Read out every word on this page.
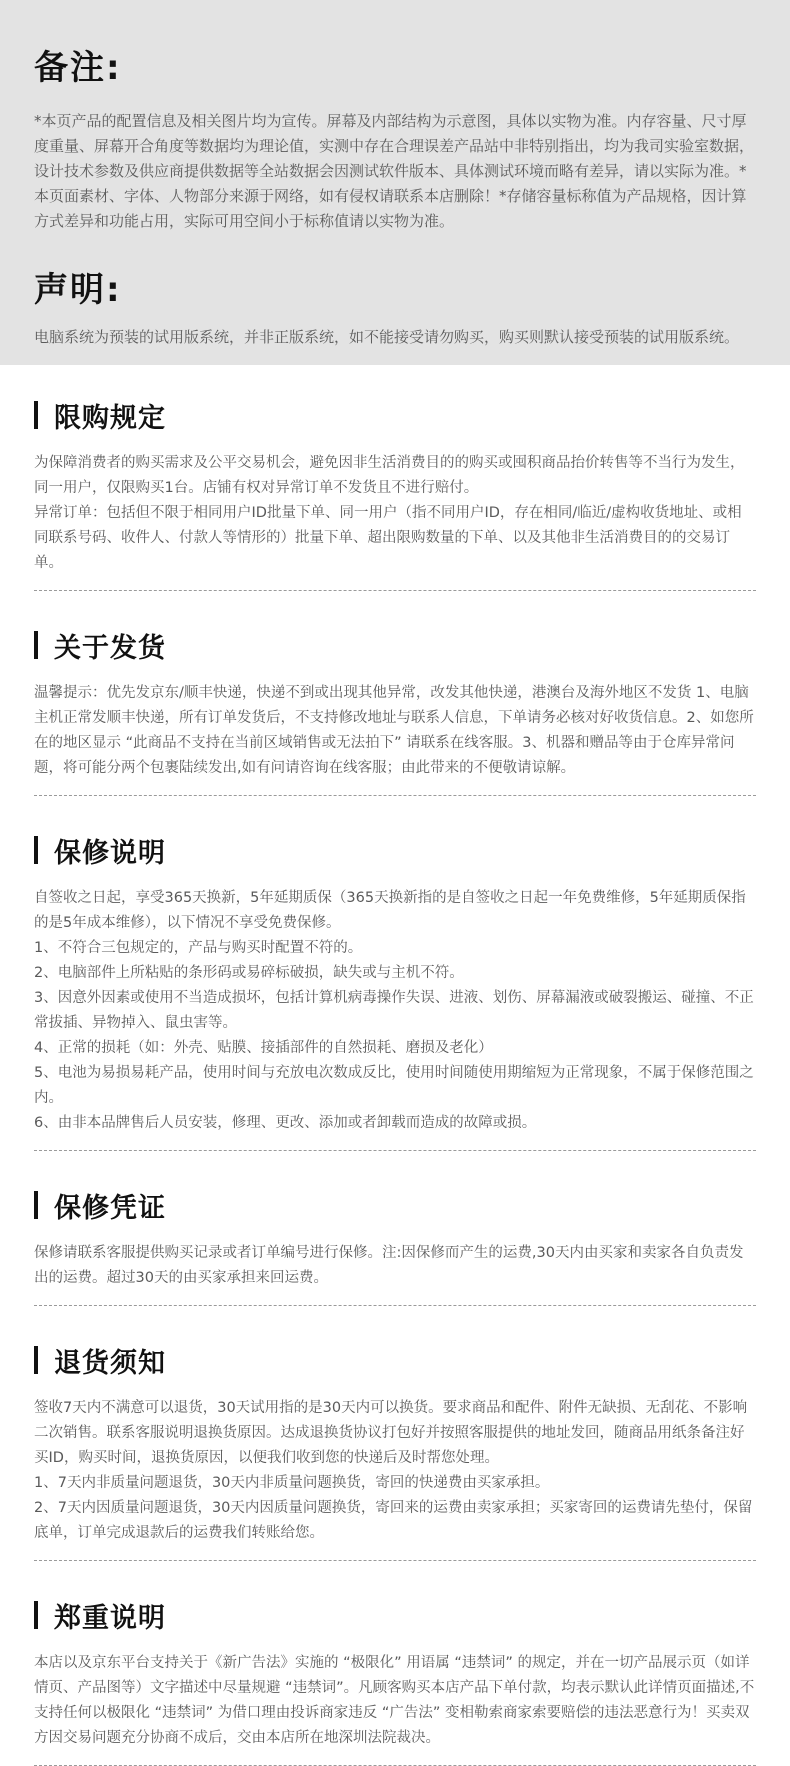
备注:

*本页产品的配置信息及相关图片均为宣传。屏幕及内部结构为示意图，具体以实物为准。内存容量、尺寸厚度重量、屏幕开合角度等数据均为理论值，实测中存在合理误差产品站中非特别指出，均为我司实验室数据，设计技术参数及供应商提供数据等全站数据会因测试软件版本、具体测试环境而略有差异，请以实际为准。*本页面素材、字体、人物部分来源于网络，如有侵权请联系本店删除！*存储容量标称值为产品规格，因计算方式差异和功能占用，实际可用空间小于标称值请以实物为准。

声明:

电脑系统为预装的试用版系统，并非正版系统，如不能接受请勿购买，购买则默认接受预装的试用版系统。

限购规定

为保障消费者的购买需求及公平交易机会，避免因非生活消费目的的购买或囤积商品抬价转售等不当行为发生，同一用户，仅限购买1台。店铺有权对异常订单不发货且不进行赔付。

异常订单：包括但不限于相同用户ID批量下单、同一用户（指不同用户ID，存在相同/临近/虚构收货地址、或相同联系号码、收件人、付款人等情形的）批量下单、超出限购数量的下单、以及其他非生活消费目的的交易订单。

关于发货

温馨提示：优先发京东/顺丰快递，快递不到或出现其他异常，改发其他快递，港澳台及海外地区不发货 1、电脑主机正常发顺丰快递，所有订单发货后，不支持修改地址与联系人信息，下单请务必核对好收货信息。2、如您所在的地区显示 “此商品不支持在当前区域销售或无法拍下” 请联系在线客服。3、机器和赠品等由于仓库异常问题，将可能分两个包裹陆续发出,如有问请咨询在线客服；由此带来的不便敬请谅解。

保修说明

自签收之日起，享受365天换新，5年延期质保（365天换新指的是自签收之日起一年免费维修，5年延期质保指的是5年成本维修），以下情况不享受免费保修。

1、不符合三包规定的，产品与购买时配置不符的。

2、电脑部件上所粘贴的条形码或易碎标破损，缺失或与主机不符。

3、因意外因素或使用不当造成损坏，包括计算机病毒操作失误、进液、划伤、屏幕漏液或破裂搬运、碰撞、不正常拔插、异物掉入、鼠虫害等。

4、正常的损耗（如：外壳、贴膜、接插部件的自然损耗、磨损及老化）

5、电池为易损易耗产品，使用时间与充放电次数成反比，使用时间随使用期缩短为正常现象，不属于保修范围之内。

6、由非本品牌售后人员安装，修理、更改、添加或者卸载而造成的故障或损。

保修凭证

保修请联系客服提供购买记录或者订单编号进行保修。注:因保修而产生的运费,30天内由买家和卖家各自负责发出的运费。超过30天的由买家承担来回运费。

退货须知

签收7天内不满意可以退货，30天试用指的是30天内可以换货。要求商品和配件、附件无缺损、无刮花、不影响二次销售。联系客服说明退换货原因。达成退换货协议打包好并按照客服提供的地址发回，随商品用纸条备注好买ID，购买时间，退换货原因，以便我们收到您的快递后及时帮您处理。

1、7天内非质量问题退货，30天内非质量问题换货，寄回的快递费由买家承担。

2、7天内因质量问题退货，30天内因质量问题换货，寄回来的运费由卖家承担；买家寄回的运费请先垫付，保留底单，订单完成退款后的运费我们转账给您。

郑重说明

本店以及京东平台支持关于《新广告法》实施的 “极限化” 用语属 “违禁词” 的规定，并在一切产品展示页（如详情页、产品图等）文字描述中尽量规避 “违禁词”。凡顾客购买本店产品下单付款，均表示默认此详情页面描述,不支持任何以极限化 “违禁词” 为借口理由投诉商家违反 “广告法” 变相勒索商家索要赔偿的违法恶意行为！买卖双方因交易问题充分协商不成后，交由本店所在地深圳法院裁决。
